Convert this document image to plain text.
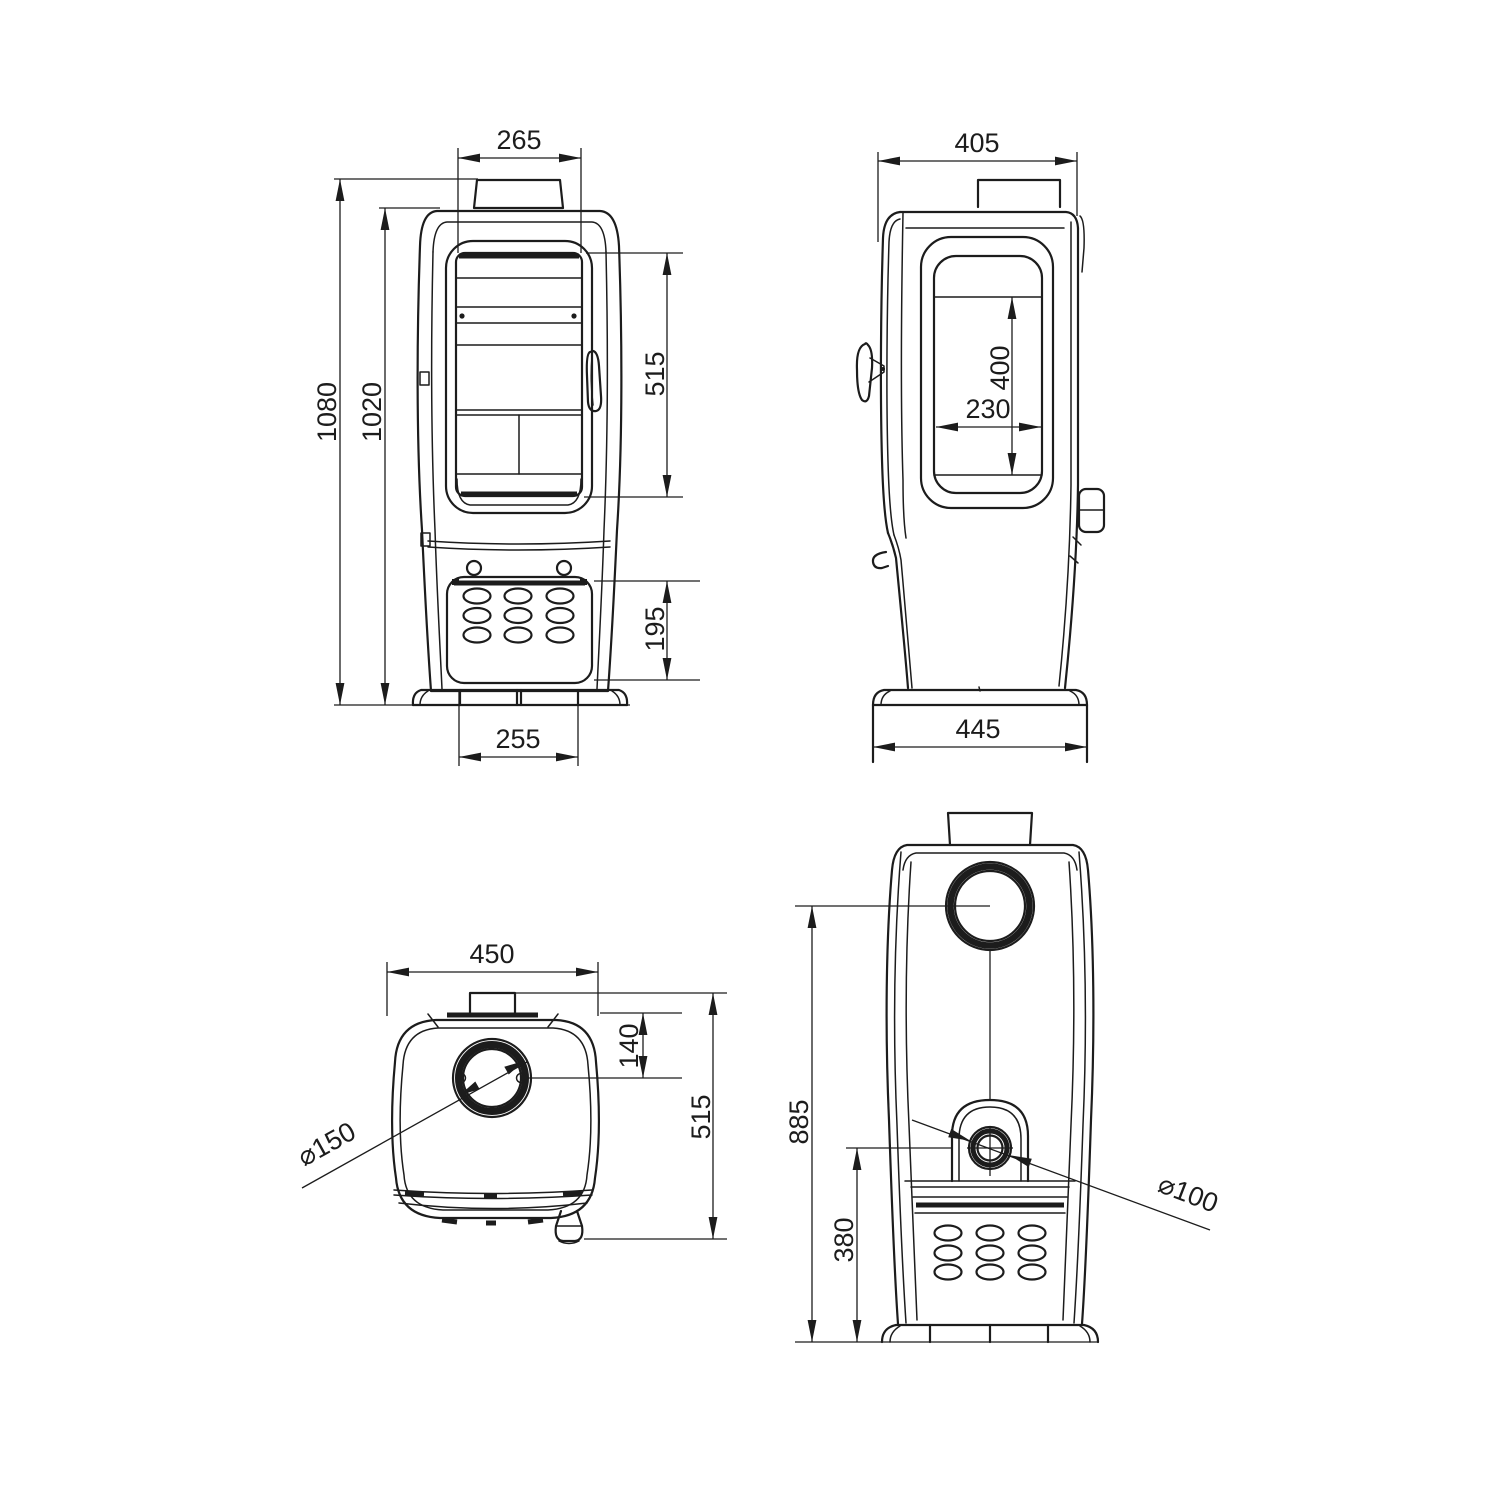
265
1080 1020
515
195
255
405
400
230
445
450
140
515
⌀150	885
380
⌀100
